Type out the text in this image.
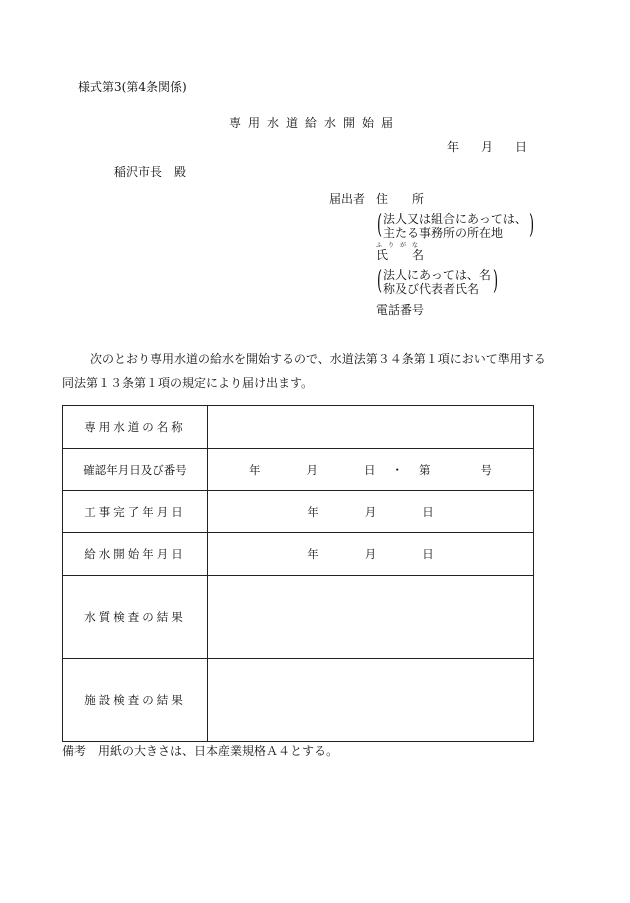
様式第3(第4条関係)
専用水道給水開始届
年 月 日
稲沢市長　殿
届出者 住　　所
( 法人又は組合にあっては、
主たる事務所の所在地 )
ふりがな
氏　　名
( 法人にあっては、名
称及び代表者氏名 )
電話番号
次のとおり専用水道の給水を開始するので、水道法第３４条第１項において準用する
同法第１３条第１項の規定により届け出ます。
専用水道の名称	
確認年月日及び番号	年 月 日 ・ 第 号
工事完了年月日	年 月 日
給水開始年月日	年 月 日
水質検査の結果	
施設検査の結果	
備考　用紙の大きさは、日本産業規格Ａ４とする。
